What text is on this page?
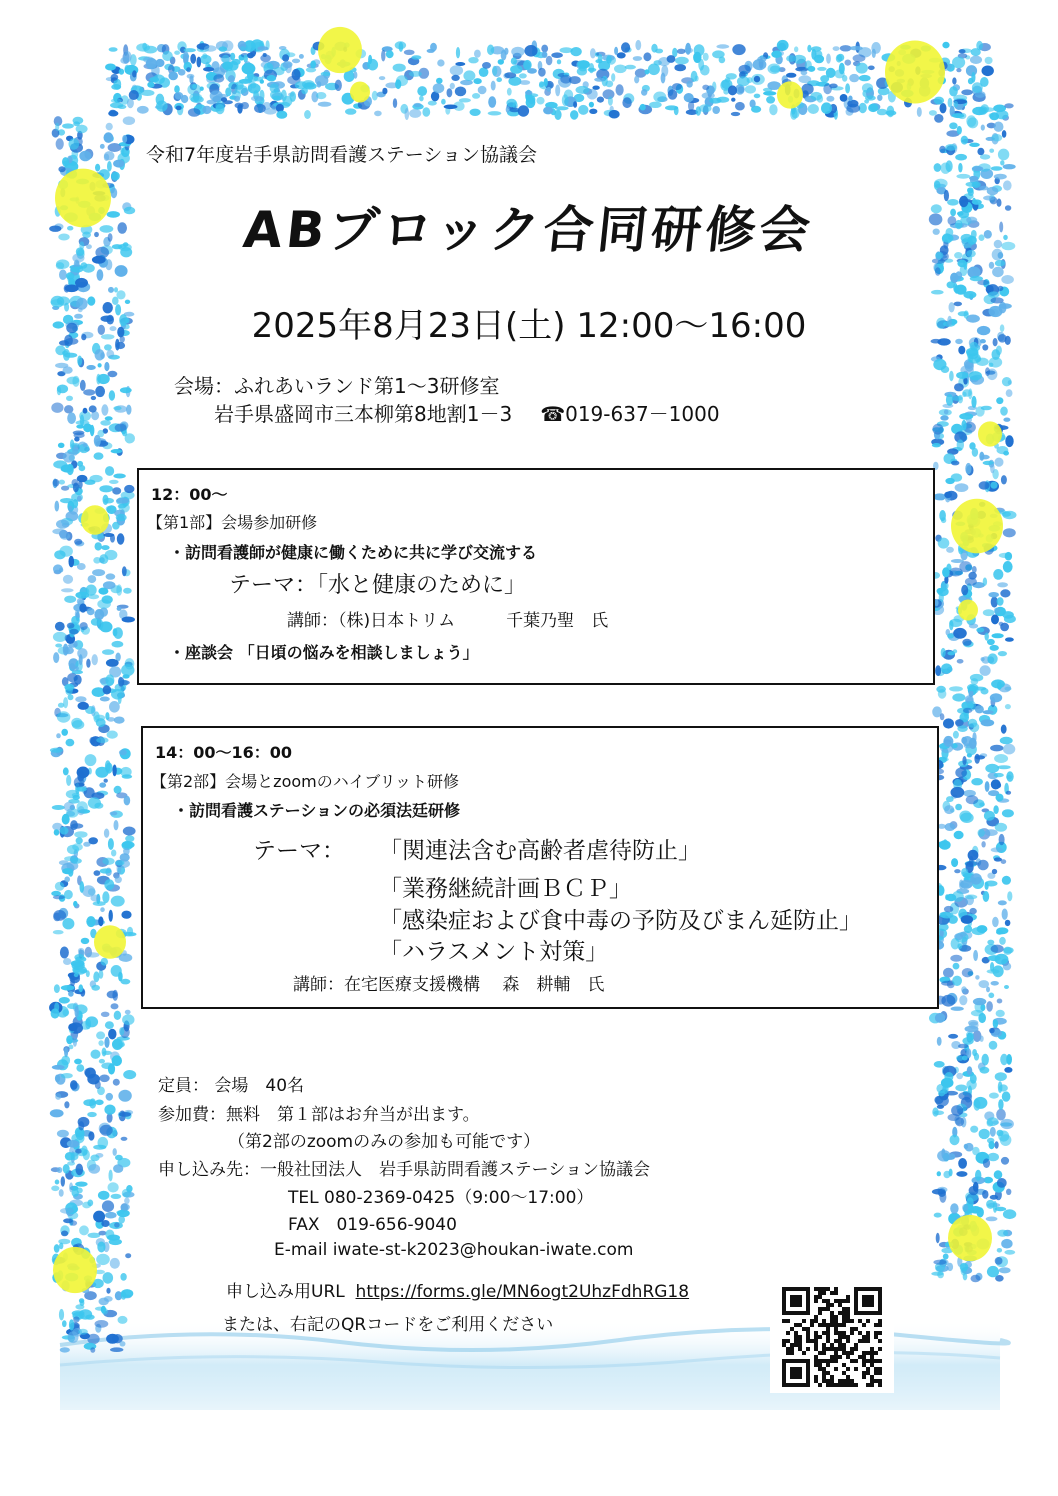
令和7年度岩手県訪問看護ステーション協議会
ABブロック合同研修会
2025年8月23日(土) 12:00～16:00
会場：ふれあいランド第1～3研修室
岩手県盛岡市三本柳第8地割1－3 ☎019-637－1000
12：00～
【第1部】会場参加研修
・訪問看護師が健康に働くために共に学び交流する
テーマ：「水と健康のために」
講師：（株)日本トリム　　　千葉乃聖　氏
・座談会 「日頃の悩みを相談しましょう」
14：00～16：00
【第2部】会場とzoomのハイブリット研修
・訪問看護ステーションの必須法廷研修
テーマ： 「関連法含む高齢者虐待防止」
「業務継続計画ＢＣＰ」
「感染症および食中毒の予防及びまん延防止」
「ハラスメント対策」
講師：在宅医療支援機構　 森　耕輔　氏
定員： 会場　40名
参加費：無料　第１部はお弁当が出ます。
（第2部のzoomのみの参加も可能です）
申し込み先：一般社団法人　岩手県訪問看護ステーション協議会
TEL 080-2369-0425（9:00～17:00）
FAX　019-656-9040
E-mail iwate-st-k2023@houkan-iwate.com
申し込み用URL https://forms.gle/MN6ogt2UhzFdhRG18
または、右記のQRコードをご利用ください
